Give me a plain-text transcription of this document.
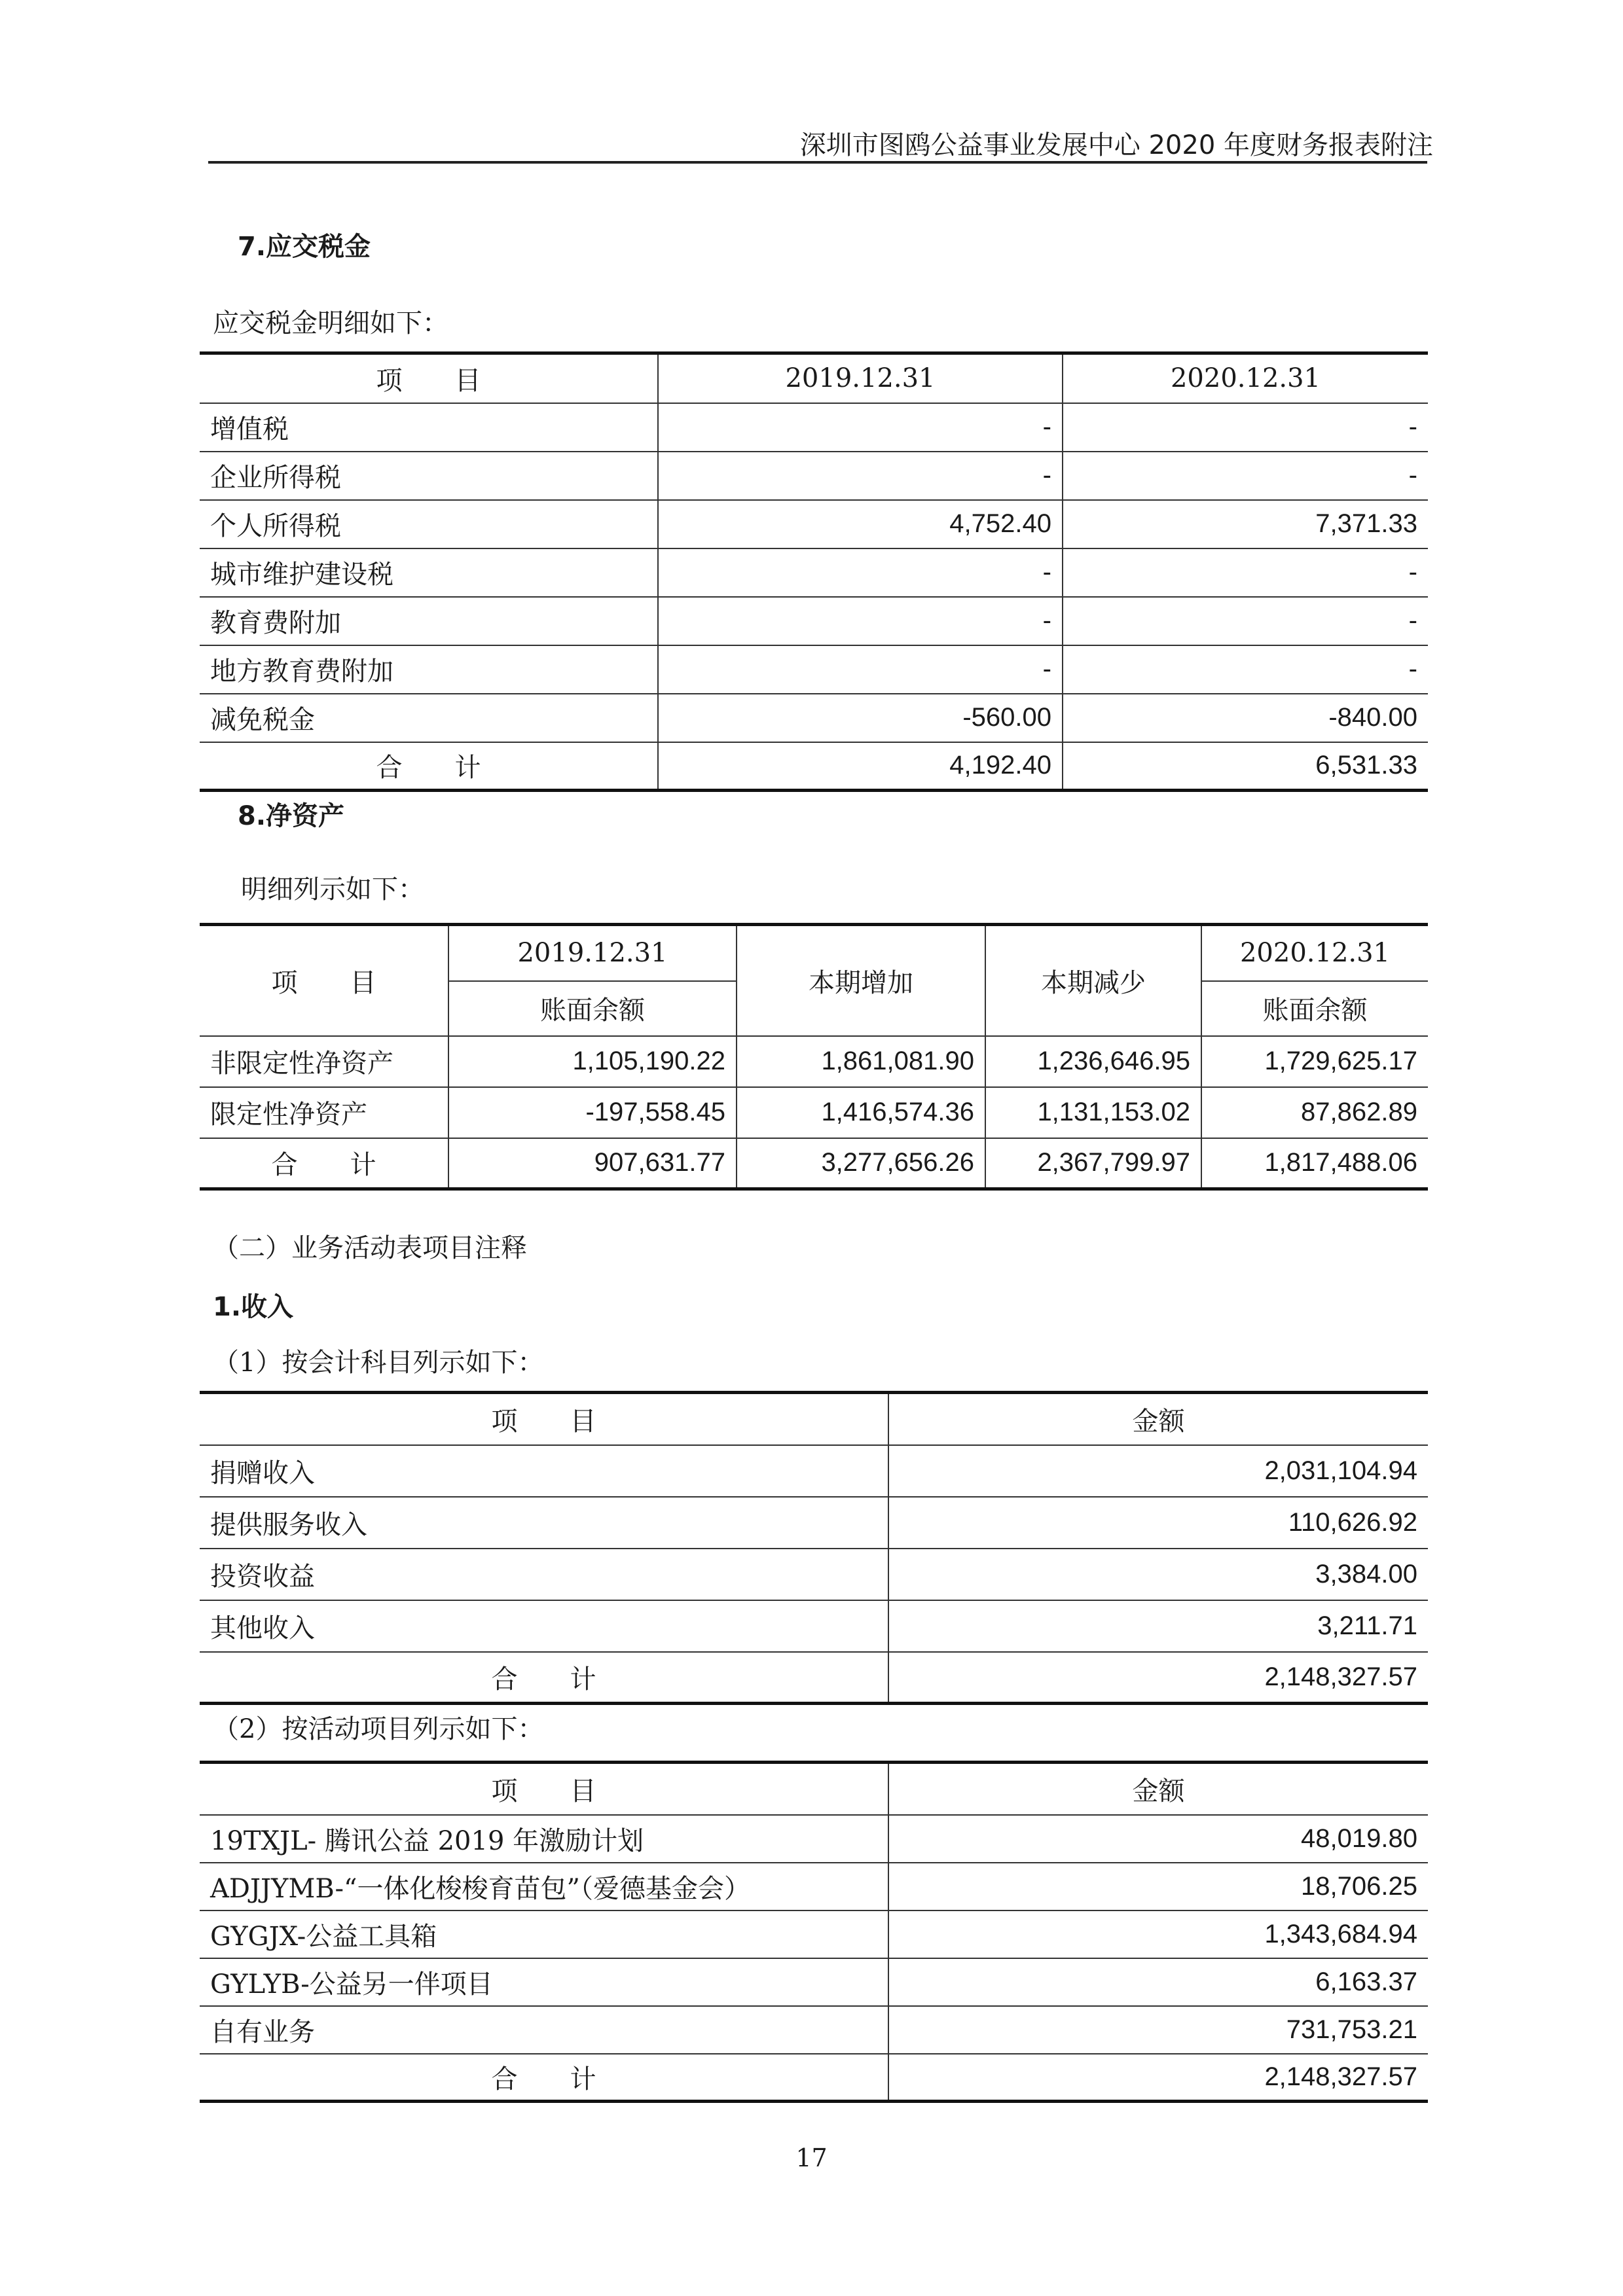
深圳市图鸥公益事业发展中心 2020 年度财务报表附注
7.应交税金
应交税金明细如下：
项　　目	2019.12.31	2020.12.31
增值税	-	-
企业所得税	-	-
个人所得税	4,752.40	7,371.33
城市维护建设税	-	-
教育费附加	-	-
地方教育费附加	-	-
减免税金	-560.00	-840.00
合　　计	4,192.40	6,531.33
8.净资产
明细列示如下：
项　　目	2019.12.31	本期增加	本期减少	2020.12.31
	账面余额			账面余额
非限定性净资产	1,105,190.22	1,861,081.90	1,236,646.95	1,729,625.17
限定性净资产	-197,558.45	1,416,574.36	1,131,153.02	87,862.89
合　　计	907,631.77	3,277,656.26	2,367,799.97	1,817,488.06
（二）业务活动表项目注释
1.收入
（1）按会计科目列示如下：
项　　目	金额
捐赠收入	2,031,104.94
提供服务收入	110,626.92
投资收益	3,384.00
其他收入	3,211.71
合　　计	2,148,327.57
（2）按活动项目列示如下：
项　　目	金额
19TXJL- 腾讯公益 2019 年激励计划	48,019.80
ADJJYMB-“一体化梭梭育苗包”（爱德基金会）	18,706.25
GYGJX-公益工具箱	1,343,684.94
GYLYB-公益另一伴项目	6,163.37
自有业务	731,753.21
合　　计	2,148,327.57
17
